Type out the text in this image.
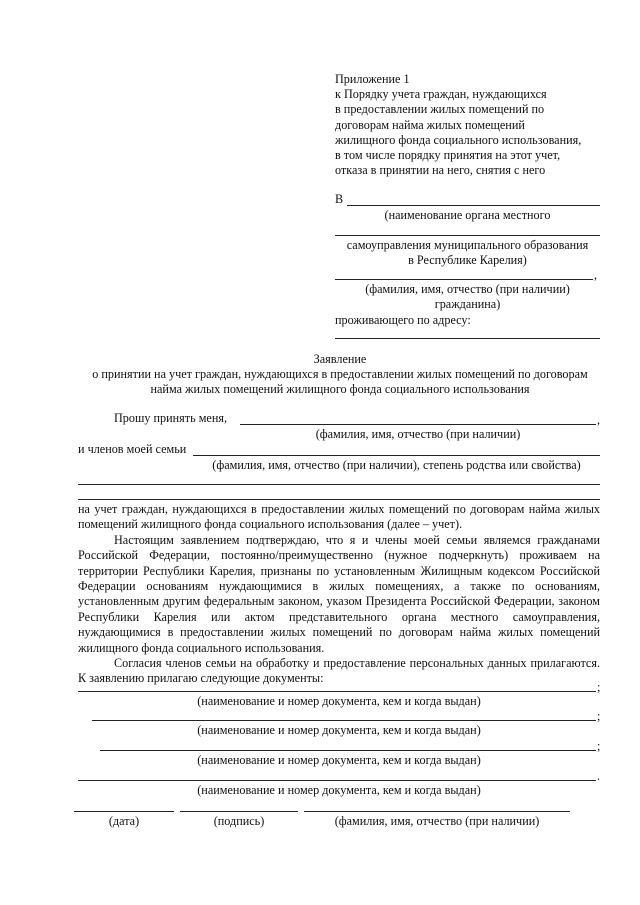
Приложение 1
к Порядку учета граждан, нуждающихся
в предоставлении жилых помещений по
договорам найма жилых помещений
жилищного фонда социального использования,
в том числе порядку принятия на этот учет,
отказа в принятии на него, снятия с него
В
(наименование органа местного
самоуправления муниципального образования
в Республике Карелия)
,
(фамилия, имя, отчество (при наличии)
гражданина)
проживающего по адресу:
Заявление
о принятии на учет граждан, нуждающихся в предоставлении жилых помещений по договорам
найма жилых помещений жилищного фонда социального использования
Прошу принять меня,	,
(фамилия, имя, отчество (при наличии)
и членов моей семьи
(фамилия, имя, отчество (при наличии), степень родства или свойства)

на учет граждан, нуждающихся в предоставлении жилых помещений по договорам найма жилых помещений жилищного фонда социального использования (далее – учет).

Настоящим заявлением подтверждаю, что я и члены моей семьи являемся гражданами Российской Федерации, постоянно/преимущественно (нужное подчеркнуть) проживаем на территории Республики Карелия, признаны по установленным Жилищным кодексом Российской Федерации основаниям нуждающимися в жилых помещениях, а также по основаниям, установленным другим федеральным законом, указом Президента Российской Федерации, законом Республики Карелия или актом представительного органа местного самоуправления, нуждающимися в предоставлении жилых помещений по договорам найма жилых помещений жилищного фонда социального использования.

Согласия членов семьи на обработку и предоставление персональных данных прилагаются. К заявлению прилагаю следующие документы:

;
(наименование и номер документа, кем и когда выдан)
;
(наименование и номер документа, кем и когда выдан)
;
(наименование и номер документа, кем и когда выдан)
.
(наименование и номер документа, кем и когда выдан)
(дата)	(подпись)	(фамилия, имя, отчество (при наличии)
